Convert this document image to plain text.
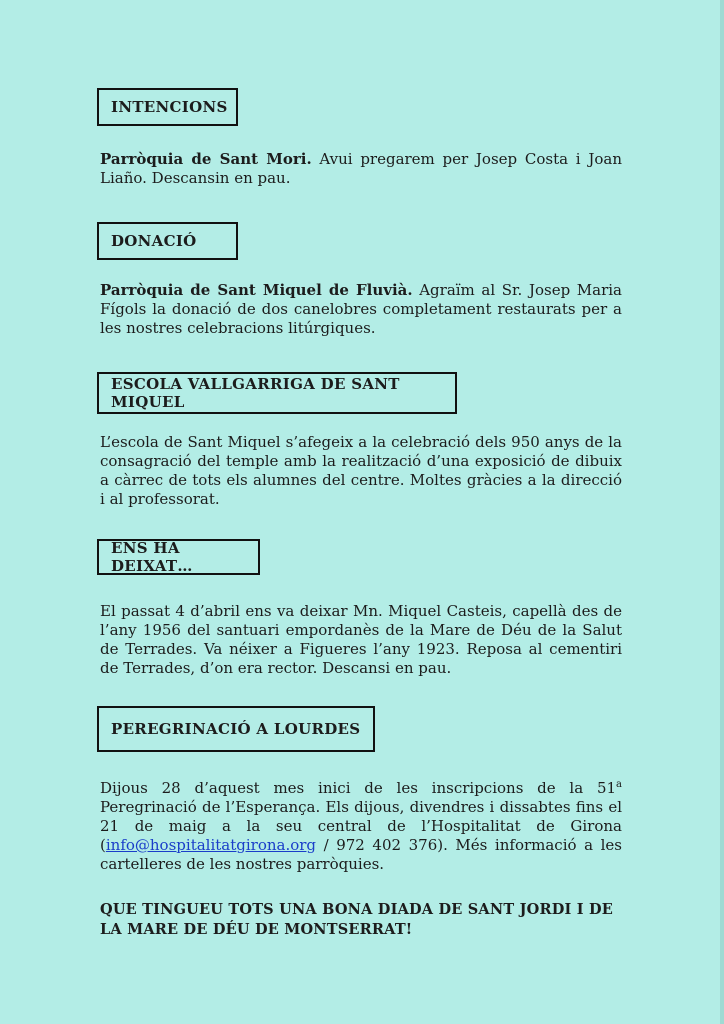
INTENCIONS

Parròquia de Sant Mori. Avui pregarem per Josep Costa i Joan Liaño. Descansin en pau.

DONACIÓ

Parròquia de Sant Miquel de Fluvià. Agraïm al Sr. Josep Maria Fígols la donació de dos canelobres completament restaurats per a les nostres celebracions litúrgiques.

ESCOLA VALLGARRIGA DE SANT MIQUEL

L’escola de Sant Miquel s’afegeix a la celebració dels 950 anys de la consagració del temple amb la realització d’una exposició de dibuix a càrrec de tots els alumnes del centre. Moltes gràcies a la direcció i al professorat.

ENS HA DEIXAT…

El passat 4 d’abril ens va deixar Mn. Miquel Casteis, capellà des de l’any 1956 del santuari empordanès de la Mare de Déu de la Salut de Terrades. Va néixer a Figueres l’any 1923. Reposa al cementiri de Terrades, d’on era rector. Descansi en pau.

PEREGRINACIÓ A LOURDES

Dijous 28 d’aquest mes inici de les inscripcions de la 51$^a$ Peregrinació de l’Esperança. Els dijous, divendres i dissabtes fins el 21 de maig a la seu central de l’Hospitalitat de Girona (info@hospitalitatgirona.org / 972 402 376). Més informació a les cartelleres de les nostres parròquies.

QUE TINGUEU TOTS UNA BONA DIADA DE SANT JORDI I DE LA MARE DE DÉU DE MONTSERRAT!
